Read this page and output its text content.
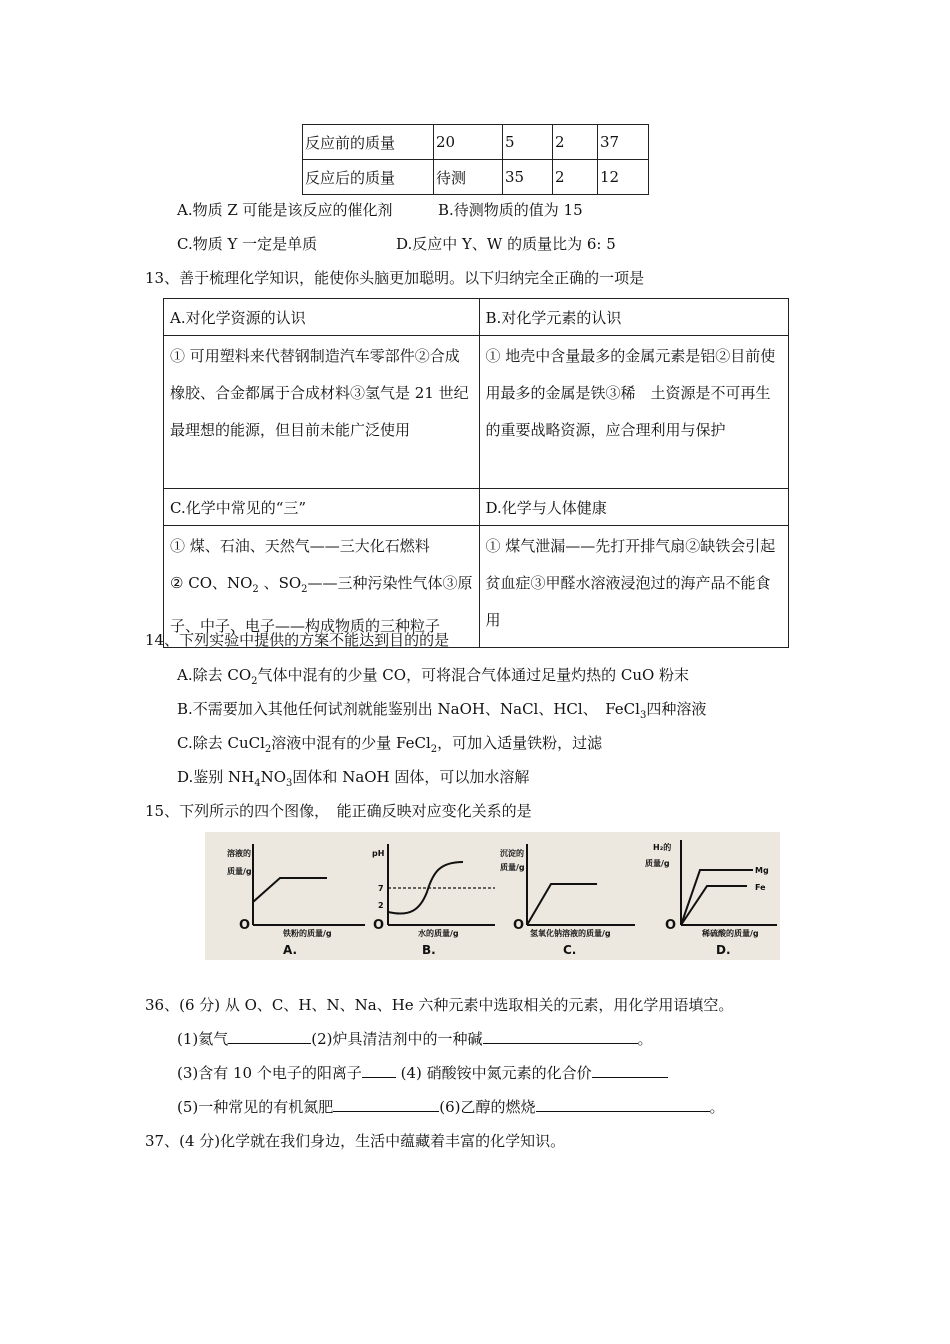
反应前的质量	20	5	2	37
反应后的质量	待测	35	2	12
A.物质 Z 可能是该反应的催化剂	B.待测物质的值为 15
C.物质 Y 一定是单质	D.反应中 Y、W 的质量比为 6: 5
13、善于梳理化学知识，能使你头脑更加聪明。以下归纳完全正确的一项是
A.对化学资源的认识	B.对化学元素的认识
① 可用塑料来代替钢制造汽车零部件②合成橡胶、合金都属于合成材料③氢气是 21 世纪最理想的能源，但目前未能广泛使用	① 地壳中含量最多的金属元素是铝②目前使用最多的金属是铁③稀　土资源是不可再生的重要战略资源，应合理利用与保护
C.化学中常见的“三”	D.化学与人体健康

① 煤、石油、天然气——三大化石燃料
② CO、$NO_2$ 、$SO_2——$三种污染性气体③原
子、中子、电子——构成物质的三种粒子	① 煤气泄漏——先打开排气扇②缺铁会引起贫血症③甲醛水溶液浸泡过的海产品不能食用
14、下列实验中提供的方案不能达到目的的是
A.除去 $CO_2$气体中混有的少量 CO，可将混合气体通过足量灼热的 CuO 粉末
B.不需要加入其他任何试剂就能鉴别出 NaOH、NaCl、HCl、　FeCl$_3$四种溶液
C.除去 CuCl$_2$溶液中混有的少量 FeCl$_2$，可加入适量铁粉，过滤
D.鉴别 $NH_4NO_3$固体和 NaOH 固体，可以加水溶解
15、下列所示的四个图像，　能正确反映对应变化关系的是
溶液的
质量/g
O
铁粉的质量/g
A.
pH
7
2
O
水的质量/g
B.
沉淀的
质量/g
O
氢氧化钠溶液的质量/g
C.
H₂的
质量/g
Mg
Fe
O
稀硫酸的质量/g
D.
36、(6 分) 从 O、C、H、N、Na、He 六种元素中选取相关的元素，用化学用语填空。
(1)氦气	(2)炉具清洁剂中的一种碱	。
(3)含有 10 个电子的阳离子 (4) 硝酸铵中氮元素的化合价
(5)一种常见的有机氮肥	(6)乙醇的燃烧	。
37、(4 分)化学就在我们身边，生活中蕴藏着丰富的化学知识。
